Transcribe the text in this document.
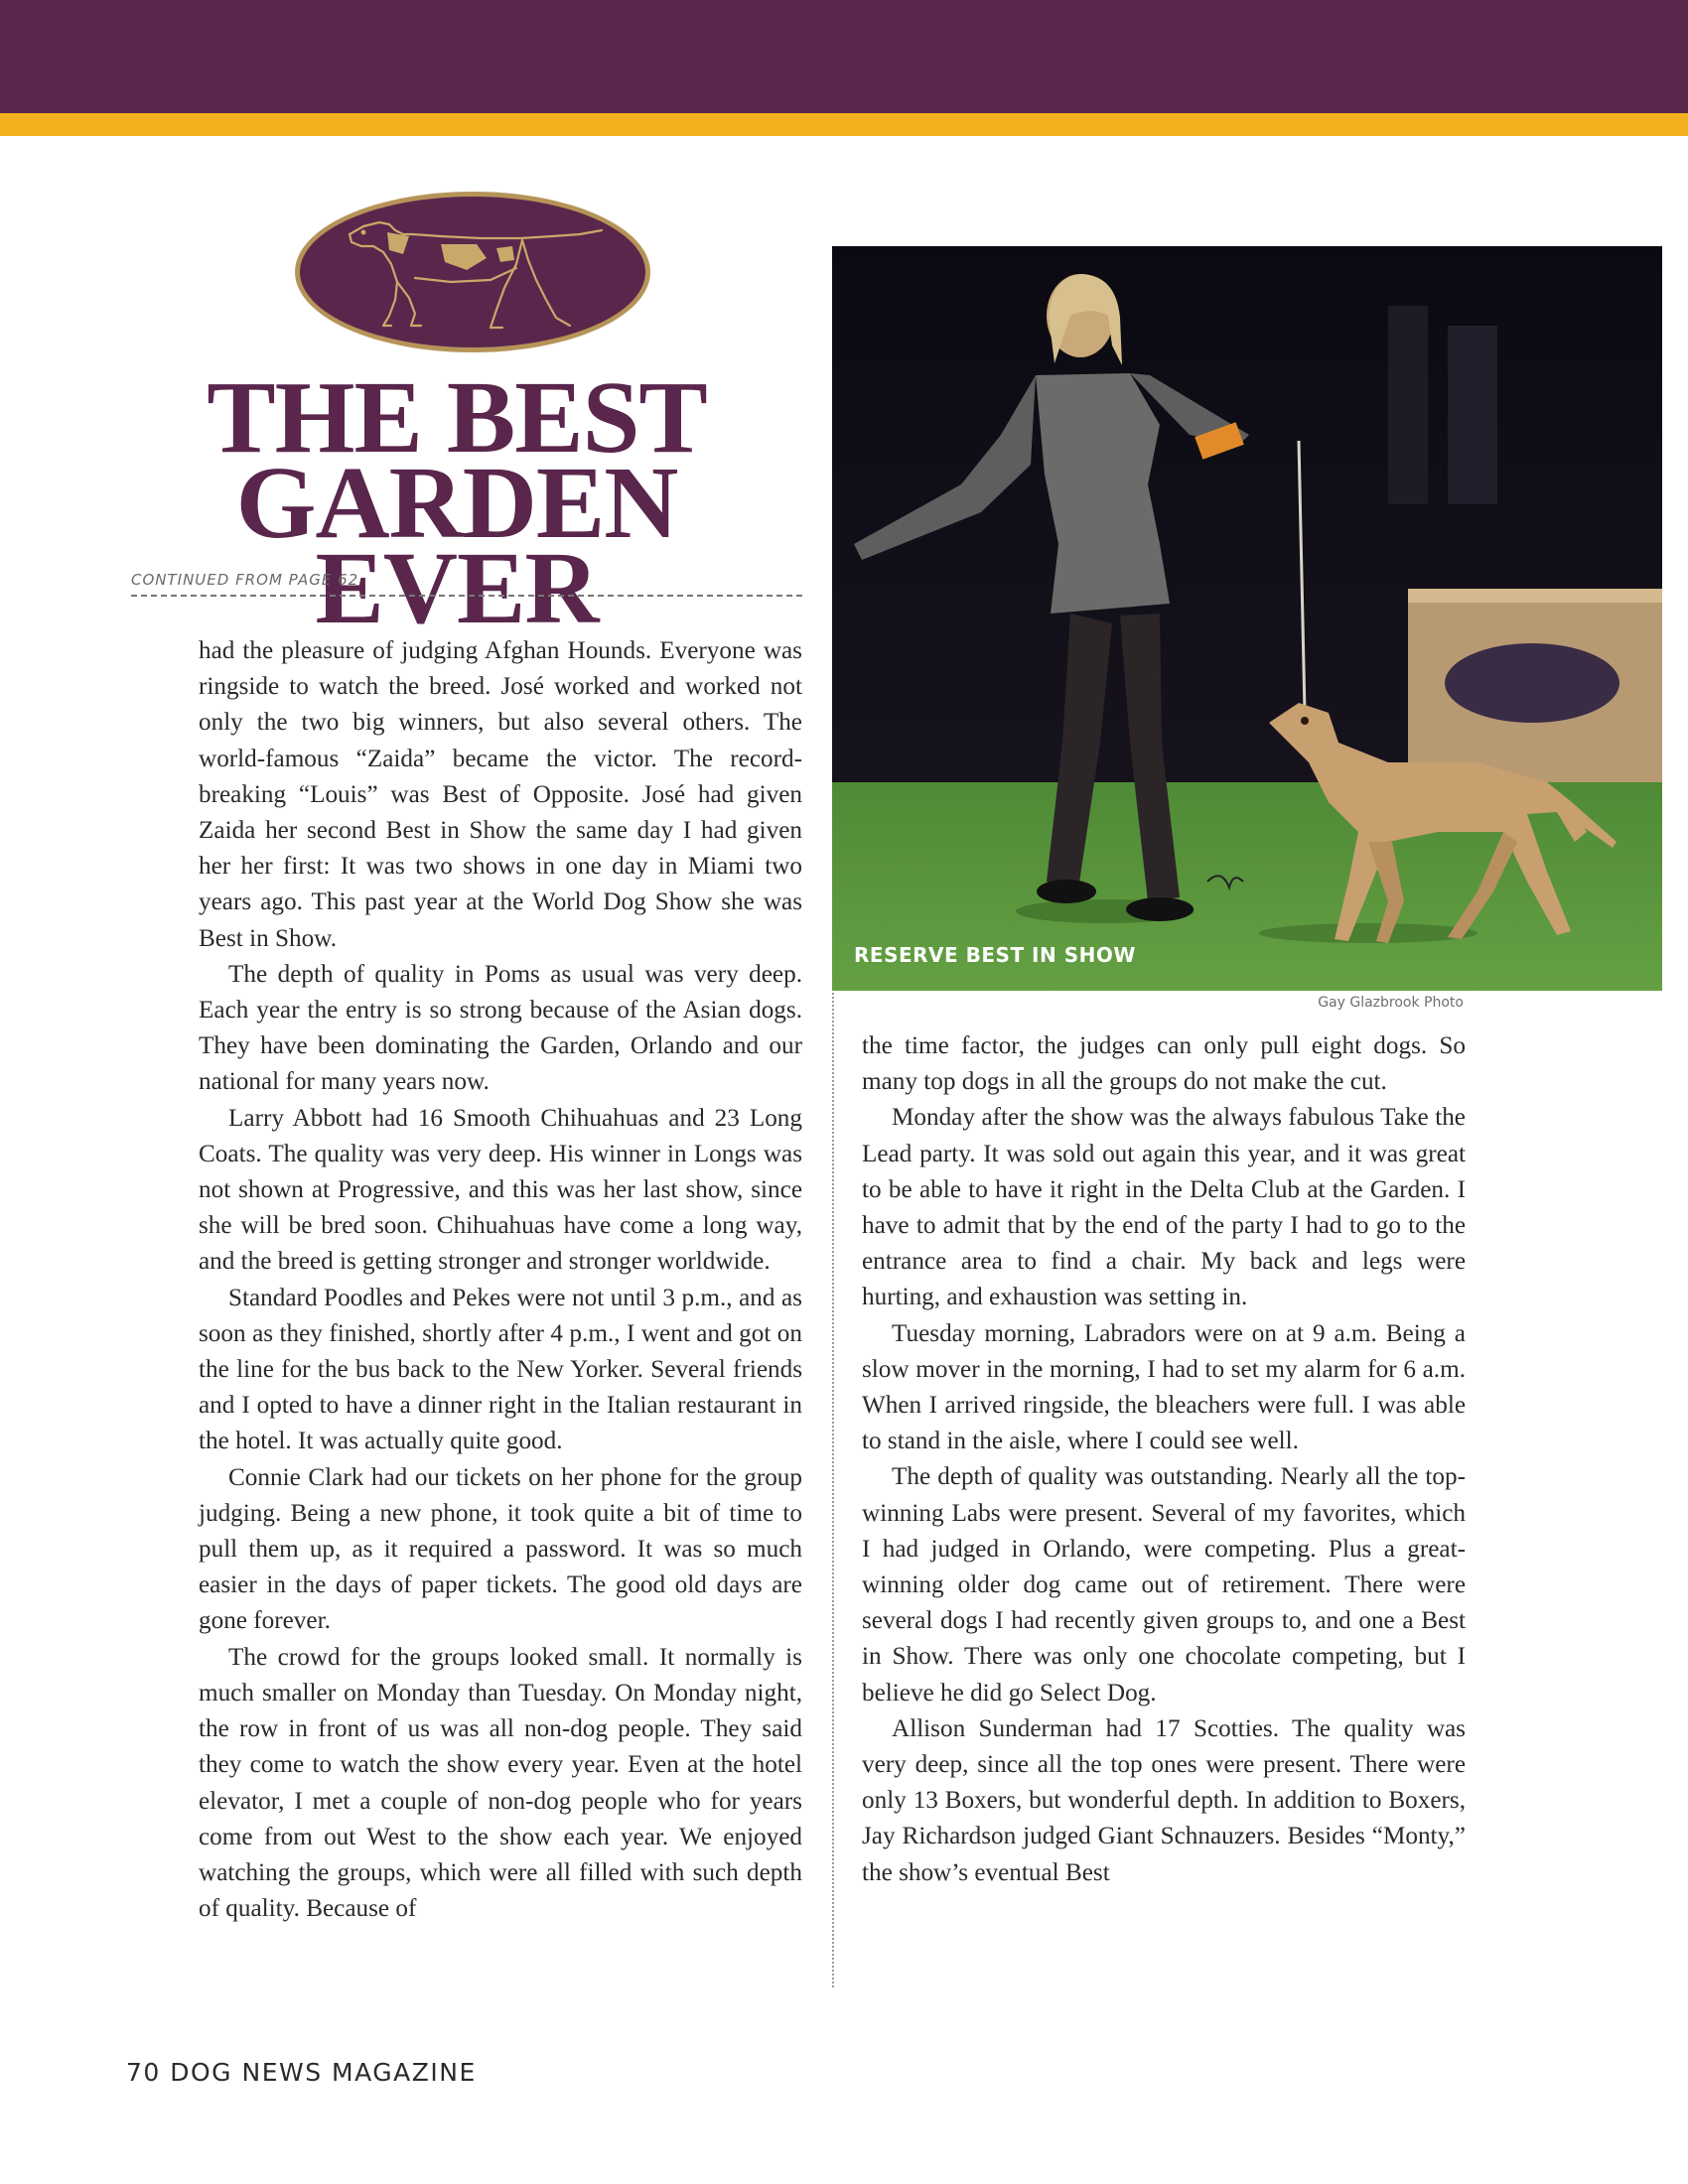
THE BEST
GARDEN EVER
CONTINUED FROM PAGE 62

had the pleasure of judging Afghan Hounds. Everyone was ringside to watch the breed. José worked and worked not only the two big winners, but also several others. The world-famous “Zaida” became the victor. The record-breaking “Louis” was Best of Opposite. José had given Zaida her second Best in Show the same day I had given her her first: It was two shows in one day in Miami two years ago. This past year at the World Dog Show she was Best in Show.

The depth of quality in Poms as usual was very deep. Each year the entry is so strong because of the Asian dogs. They have been dominating the Garden, Orlando and our national for many years now.

Larry Abbott had 16 Smooth Chihuahuas and 23 Long Coats. The quality was very deep. His winner in Longs was not shown at Progressive, and this was her last show, since she will be bred soon. Chihuahuas have come a long way, and the breed is getting stronger and stronger worldwide.

Standard Poodles and Pekes were not until 3 p.m., and as soon as they finished, shortly after 4 p.m., I went and got on the line for the bus back to the New Yorker. Several friends and I opted to have a dinner right in the Italian restaurant in the hotel. It was actually quite good.

Connie Clark had our tickets on her phone for the group judging. Being a new phone, it took quite a bit of time to pull them up, as it required a password. It was so much easier in the days of paper tickets. The good old days are gone forever.

The crowd for the groups looked small. It normally is much smaller on Monday than Tuesday. On Monday night, the row in front of us was all non-dog people. They said they come to watch the show every year. Even at the hotel elevator, I met a couple of non-dog people who for years come from out West to the show each year. We enjoyed watching the groups, which were all filled with such depth of quality. Because of

RESERVE BEST IN SHOW
Gay Glazbrook Photo

the time factor, the judges can only pull eight dogs. So many top dogs in all the groups do not make the cut.

Monday after the show was the always fabulous Take the Lead party. It was sold out again this year, and it was great to be able to have it right in the Delta Club at the Garden. I have to admit that by the end of the party I had to go to the entrance area to find a chair. My back and legs were hurting, and exhaustion was setting in.

Tuesday morning, Labradors were on at 9 a.m. Being a slow mover in the morning, I had to set my alarm for 6 a.m. When I arrived ringside, the bleachers were full. I was able to stand in the aisle, where I could see well.

The depth of quality was outstanding. Nearly all the top-winning Labs were present. Several of my favorites, which I had judged in Orlando, were competing. Plus a great-winning older dog came out of retirement. There were several dogs I had recently given groups to, and one a Best in Show. There was only one chocolate competing, but I believe he did go Select Dog.

Allison Sunderman had 17 Scotties. The quality was very deep, since all the top ones were present. There were only 13 Boxers, but wonderful depth. In addition to Boxers, Jay Richardson judged Giant Schnauzers. Besides “Monty,” the show’s eventual Best

70 DOG NEWS MAGAZINE
